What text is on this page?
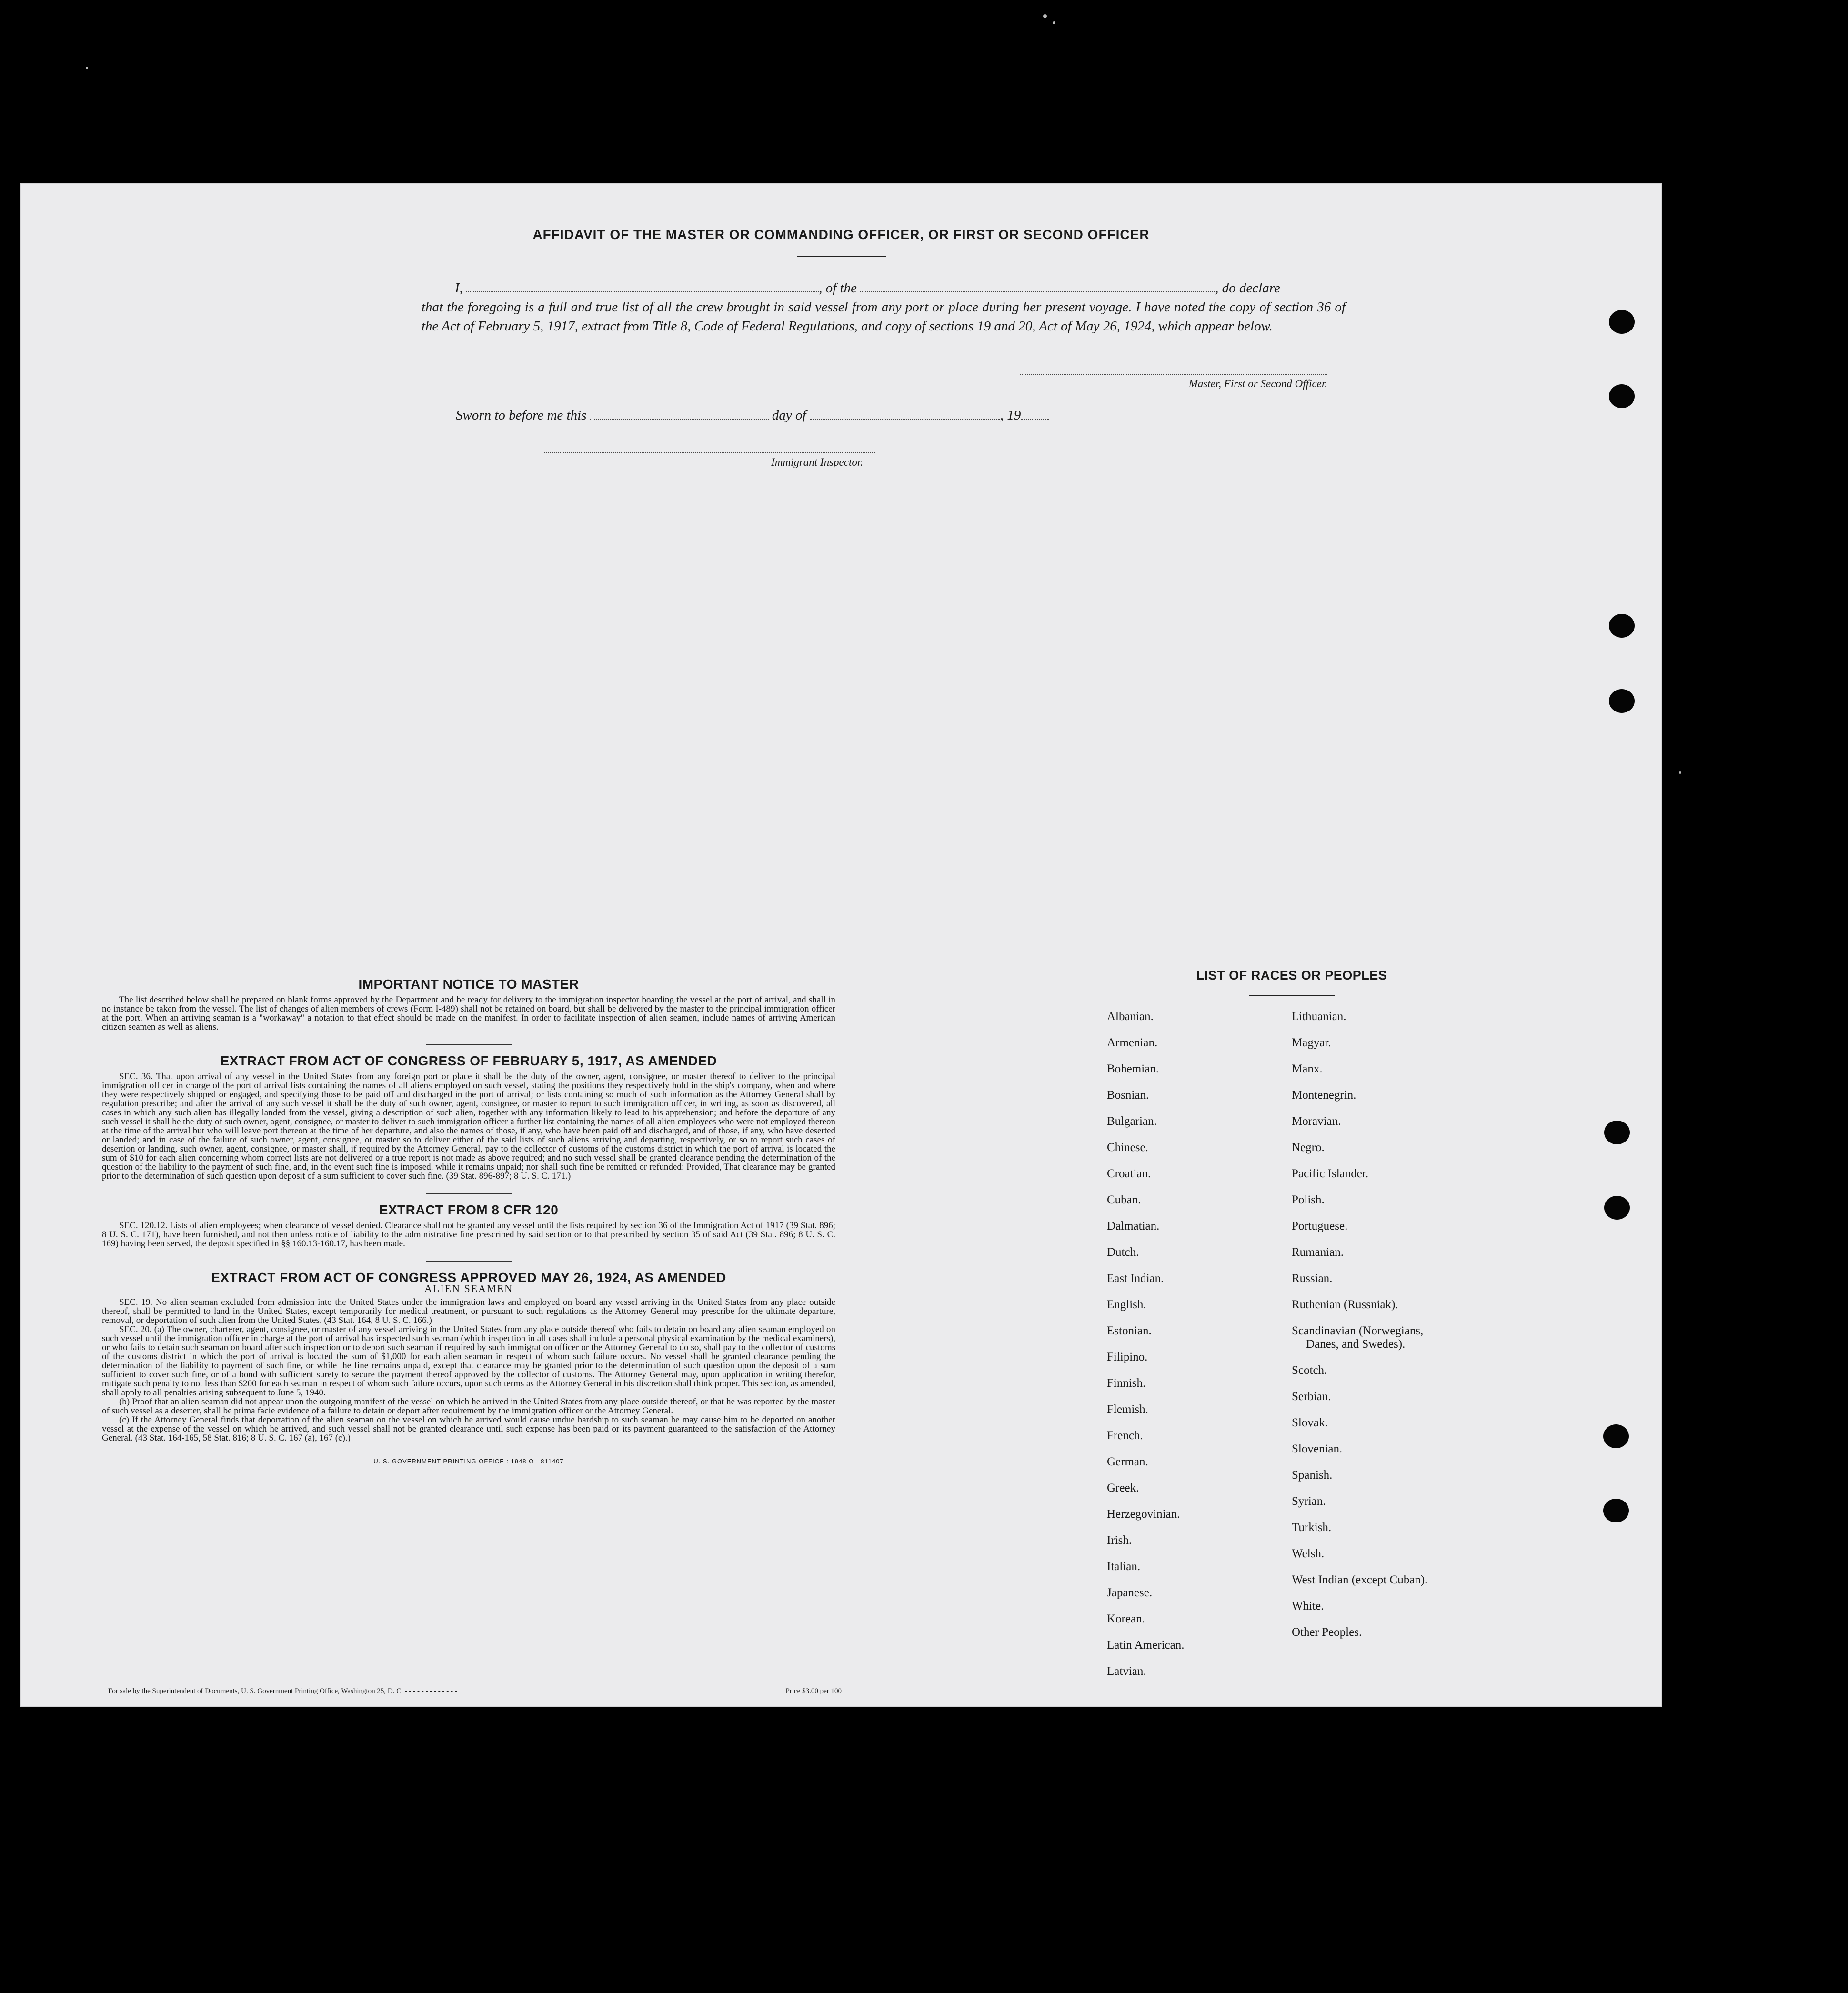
AFFIDAVIT OF THE MASTER OR COMMANDING OFFICER, OR FIRST OR SECOND OFFICER
I,	, of the	, do declare
that the foregoing is a full and true list of all the crew brought in said vessel from any port or place during her present voyage. I have noted the copy of section 36 of the Act of February 5, 1917, extract from Title 8, Code of Federal Regulations, and copy of sections 19 and 20, Act of May 26, 1924, which appear below.
Master, First or Second Officer.
Sworn to before me this	day of	, 19
Immigrant Inspector.
IMPORTANT NOTICE TO MASTER

The list described below shall be prepared on blank forms approved by the Department and be ready for delivery to the immigration inspector boarding the vessel at the port of arrival, and shall in no instance be taken from the vessel. The list of changes of alien members of crews (Form I-489) shall not be retained on board, but shall be delivered by the master to the principal immigration officer at the port. When an arriving seaman is a "workaway" a notation to that effect should be made on the manifest. In order to facilitate inspection of alien seamen, include names of arriving American citizen seamen as well as aliens.

EXTRACT FROM ACT OF CONGRESS OF FEBRUARY 5, 1917, AS AMENDED

SEC. 36. That upon arrival of any vessel in the United States from any foreign port or place it shall be the duty of the owner, agent, consignee, or master thereof to deliver to the principal immigration officer in charge of the port of arrival lists containing the names of all aliens employed on such vessel, stating the positions they respectively hold in the ship's company, when and where they were respectively shipped or engaged, and specifying those to be paid off and discharged in the port of arrival; or lists containing so much of such information as the Attorney General shall by regulation prescribe; and after the arrival of any such vessel it shall be the duty of such owner, agent, consignee, or master to report to such immigration officer, in writing, as soon as discovered, all cases in which any such alien has illegally landed from the vessel, giving a description of such alien, together with any information likely to lead to his apprehension; and before the departure of any such vessel it shall be the duty of such owner, agent, consignee, or master to deliver to such immigration officer a further list containing the names of all alien employees who were not employed thereon at the time of the arrival but who will leave port thereon at the time of her departure, and also the names of those, if any, who have been paid off and discharged, and of those, if any, who have deserted or landed; and in case of the failure of such owner, agent, consignee, or master so to deliver either of the said lists of such aliens arriving and departing, respectively, or so to report such cases of desertion or landing, such owner, agent, consignee, or master shall, if required by the Attorney General, pay to the collector of customs of the customs district in which the port of arrival is located the sum of $10 for each alien concerning whom correct lists are not delivered or a true report is not made as above required; and no such vessel shall be granted clearance pending the determination of the question of the liability to the payment of such fine, and, in the event such fine is imposed, while it remains unpaid; nor shall such fine be remitted or refunded: Provided, That clearance may be granted prior to the determination of such question upon deposit of a sum sufficient to cover such fine. (39 Stat. 896-897; 8 U. S. C. 171.)

EXTRACT FROM 8 CFR 120

SEC. 120.12. Lists of alien employees; when clearance of vessel denied. Clearance shall not be granted any vessel until the lists required by section 36 of the Immigration Act of 1917 (39 Stat. 896; 8 U. S. C. 171), have been furnished, and not then unless notice of liability to the administrative fine prescribed by said section or to that prescribed by section 35 of said Act (39 Stat. 896; 8 U. S. C. 169) having been served, the deposit specified in §§ 160.13-160.17, has been made.

EXTRACT FROM ACT OF CONGRESS APPROVED MAY 26, 1924, AS AMENDED
ALIEN SEAMEN

SEC. 19. No alien seaman excluded from admission into the United States under the immigration laws and employed on board any vessel arriving in the United States from any place outside thereof, shall be permitted to land in the United States, except temporarily for medical treatment, or pursuant to such regulations as the Attorney General may prescribe for the ultimate departure, removal, or deportation of such alien from the United States. (43 Stat. 164, 8 U. S. C. 166.)

SEC. 20. (a) The owner, charterer, agent, consignee, or master of any vessel arriving in the United States from any place outside thereof who fails to detain on board any alien seaman employed on such vessel until the immigration officer in charge at the port of arrival has inspected such seaman (which inspection in all cases shall include a personal physical examination by the medical examiners), or who fails to detain such seaman on board after such inspection or to deport such seaman if required by such immigration officer or the Attorney General to do so, shall pay to the collector of customs of the customs district in which the port of arrival is located the sum of $1,000 for each alien seaman in respect of whom such failure occurs. No vessel shall be granted clearance pending the determination of the liability to payment of such fine, or while the fine remains unpaid, except that clearance may be granted prior to the determination of such question upon the deposit of a sum sufficient to cover such fine, or of a bond with sufficient surety to secure the payment thereof approved by the collector of customs. The Attorney General may, upon application in writing therefor, mitigate such penalty to not less than $200 for each seaman in respect of whom such failure occurs, upon such terms as the Attorney General in his discretion shall think proper. This section, as amended, shall apply to all penalties arising subsequent to June 5, 1940.

(b) Proof that an alien seaman did not appear upon the outgoing manifest of the vessel on which he arrived in the United States from any place outside thereof, or that he was reported by the master of such vessel as a deserter, shall be prima facie evidence of a failure to detain or deport after requirement by the immigration officer or the Attorney General.

(c) If the Attorney General finds that deportation of the alien seaman on the vessel on which he arrived would cause undue hardship to such seaman he may cause him to be deported on another vessel at the expense of the vessel on which he arrived, and such vessel shall not be granted clearance until such expense has been paid or its payment guaranteed to the satisfaction of the Attorney General. (43 Stat. 164-165, 58 Stat. 816; 8 U. S. C. 167 (a), 167 (c).)

U. S. GOVERNMENT PRINTING OFFICE : 1948 O—811407
For sale by the Superintendent of Documents, U. S. Government Printing Office, Washington 25, D. C. - - - - - - - - - - - - -	Price $3.00 per 100
LIST OF RACES OR PEOPLES
Albanian.
Armenian.
Bohemian.
Bosnian.
Bulgarian.
Chinese.
Croatian.
Cuban.
Dalmatian.
Dutch.
East Indian.
English.
Estonian.
Filipino.
Finnish.
Flemish.
French.
German.
Greek.
Herzegovinian.
Irish.
Italian.
Japanese.
Korean.
Latin American.
Latvian.
Lithuanian.
Magyar.
Manx.
Montenegrin.
Moravian.
Negro.
Pacific Islander.
Polish.
Portuguese.
Rumanian.
Russian.
Ruthenian (Russniak).
Scandinavian (Norwegians,
Danes, and Swedes).
Scotch.
Serbian.
Slovak.
Slovenian.
Spanish.
Syrian.
Turkish.
Welsh.
West Indian (except Cuban).
White.
Other Peoples.
